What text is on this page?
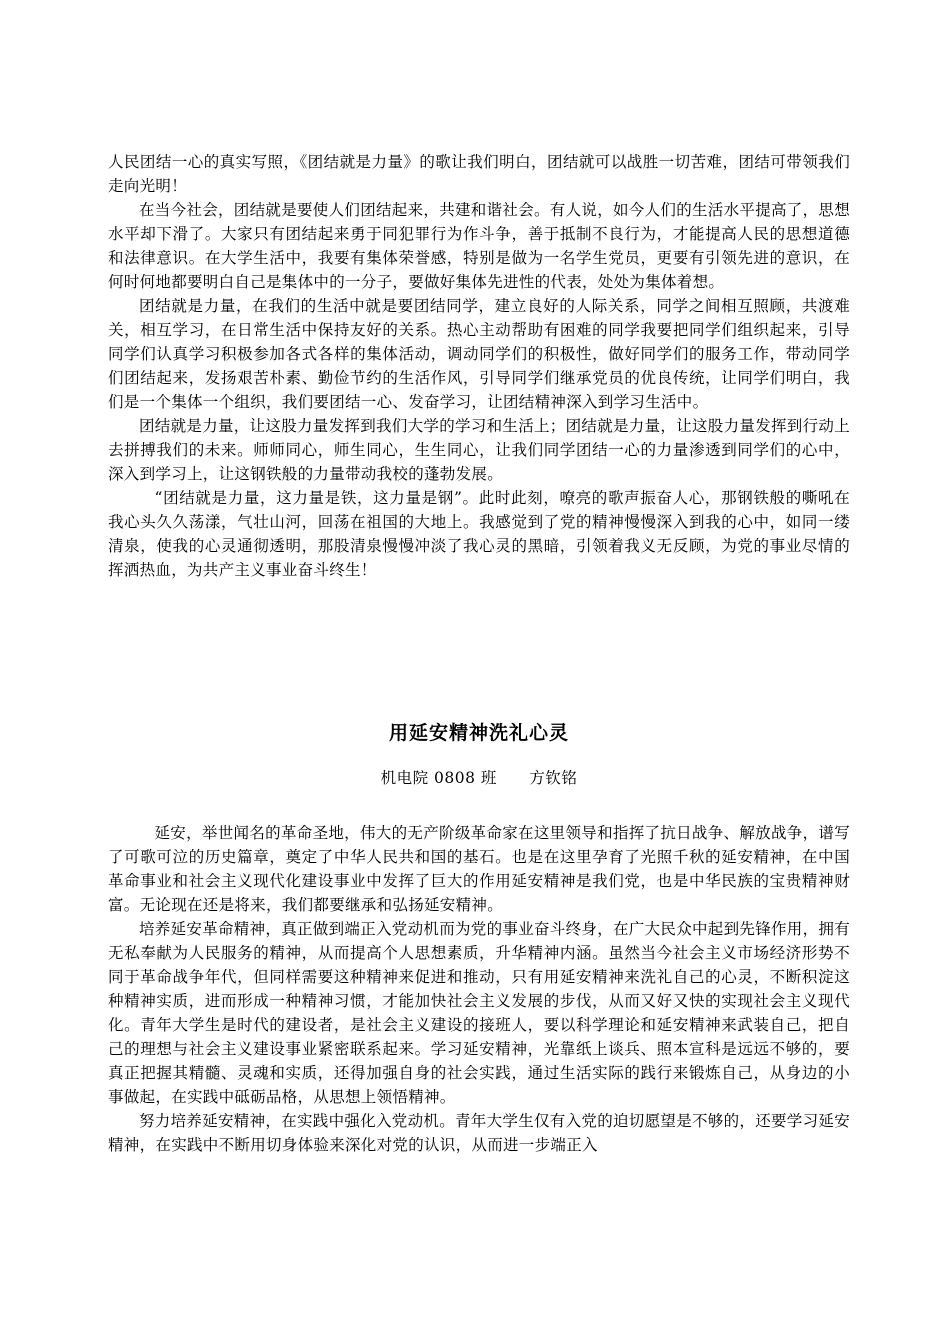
人民团结一心的真实写照，《团结就是力量》的歌让我们明白，团结就可以战胜一切苦难，团结可带领我们走向光明！

在当今社会，团结就是要使人们团结起来，共建和谐社会。有人说，如今人们的生活水平提高了，思想水平却下滑了。大家只有团结起来勇于同犯罪行为作斗争，善于抵制不良行为，才能提高人民的思想道德和法律意识。在大学生活中，我要有集体荣誉感，特别是做为一名学生党员，更要有引领先进的意识，在何时何地都要明白自己是集体中的一分子，要做好集体先进性的代表，处处为集体着想。

团结就是力量，在我们的生活中就是要团结同学，建立良好的人际关系，同学之间相互照顾，共渡难关，相互学习，在日常生活中保持友好的关系。热心主动帮助有困难的同学我要把同学们组织起来，引导同学们认真学习积极参加各式各样的集体活动，调动同学们的积极性，做好同学们的服务工作，带动同学们团结起来，发扬艰苦朴素、勤俭节约的生活作风，引导同学们继承党员的优良传统，让同学们明白，我们是一个集体一个组织，我们要团结一心、发奋学习，让团结精神深入到学习生活中。

团结就是力量，让这股力量发挥到我们大学的学习和生活上；团结就是力量，让这股力量发挥到行动上去拼搏我们的未来。师师同心，师生同心，生生同心，让我们同学团结一心的力量渗透到同学们的心中，深入到学习上，让这钢铁般的力量带动我校的蓬勃发展。

“团结就是力量，这力量是铁，这力量是钢”。此时此刻，嘹亮的歌声振奋人心，那钢铁般的嘶吼在我心头久久荡漾，气壮山河，回荡在祖国的大地上。我感觉到了党的精神慢慢深入到我的心中，如同一缕清泉，使我的心灵通彻透明，那股清泉慢慢冲淡了我心灵的黑暗，引领着我义无反顾，为党的事业尽情的挥洒热血，为共产主义事业奋斗终生！

用延安精神洗礼心灵
机电院 0808 班      方钦铭

延安，举世闻名的革命圣地，伟大的无产阶级革命家在这里领导和指挥了抗日战争、解放战争，谱写了可歌可泣的历史篇章，奠定了中华人民共和国的基石。也是在这里孕育了光照千秋的延安精神，在中国革命事业和社会主义现代化建设事业中发挥了巨大的作用延安精神是我们党，也是中华民族的宝贵精神财富。无论现在还是将来，我们都要继承和弘扬延安精神。

培养延安革命精神，真正做到端正入党动机而为党的事业奋斗终身，在广大民众中起到先锋作用，拥有无私奉献为人民服务的精神，从而提高个人思想素质，升华精神内涵。虽然当今社会主义市场经济形势不同于革命战争年代，但同样需要这种精神来促进和推动，只有用延安精神来洗礼自己的心灵，不断积淀这种精神实质，进而形成一种精神习惯，才能加快社会主义发展的步伐，从而又好又快的实现社会主义现代化。青年大学生是时代的建设者，是社会主义建设的接班人，要以科学理论和延安精神来武装自己，把自己的理想与社会主义建设事业紧密联系起来。学习延安精神，光靠纸上谈兵、照本宣科是远远不够的，要真正把握其精髓、灵魂和实质，还得加强自身的社会实践，通过生活实际的践行来锻炼自己，从身边的小事做起，在实践中砥砺品格，从思想上领悟精神。

努力培养延安精神，在实践中强化入党动机。青年大学生仅有入党的迫切愿望是不够的，还要学习延安精神，在实践中不断用切身体验来深化对党的认识，从而进一步端正入
